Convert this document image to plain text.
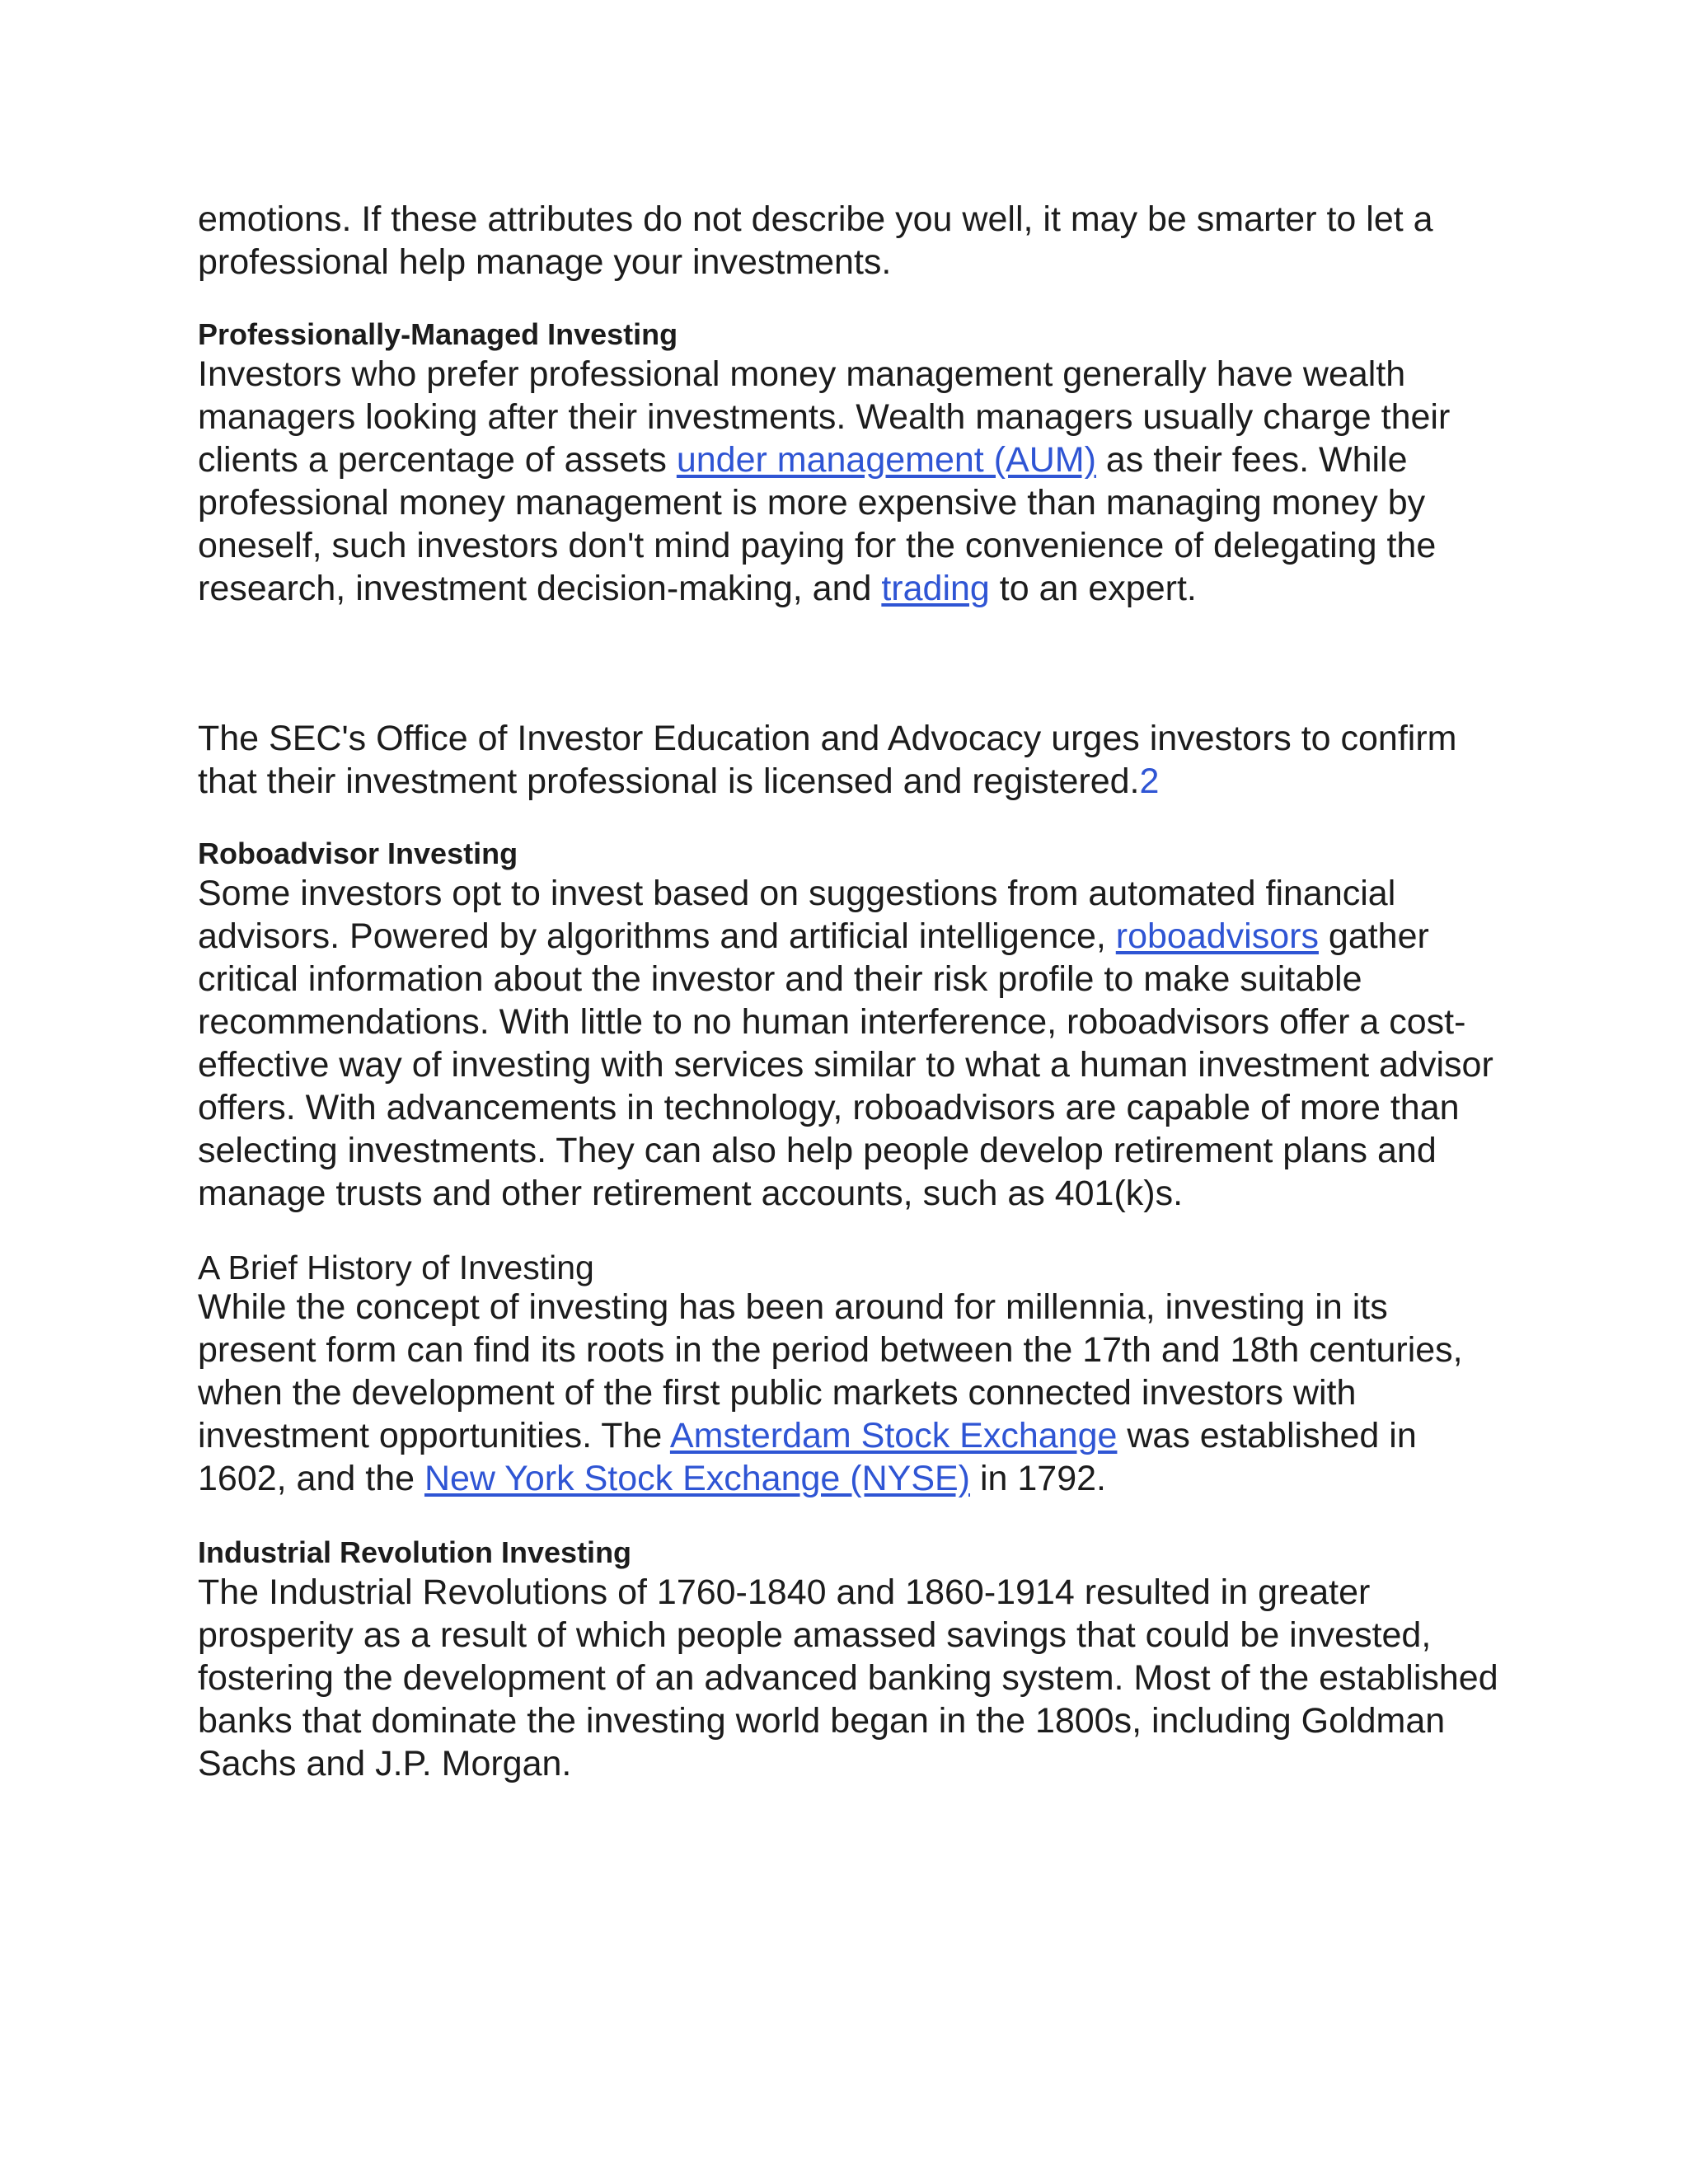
emotions. If these attributes do not describe you well, it may be smarter to let a professional help manage your investments.

Professionally-Managed Investing

Investors who prefer professional money management generally have wealth managers looking after their investments. Wealth managers usually charge their clients a percentage of assets under management (AUM) as their fees. While professional money management is more expensive than managing money by oneself, such investors don't mind paying for the convenience of delegating the research, investment decision-making, and trading to an expert.

The SEC's Office of Investor Education and Advocacy urges investors to confirm that their investment professional is licensed and registered.2

Roboadvisor Investing

Some investors opt to invest based on suggestions from automated financial advisors. Powered by algorithms and artificial intelligence, roboadvisors gather critical information about the investor and their risk profile to make suitable recommendations. With little to no human interference, roboadvisors offer a cost-effective way of investing with services similar to what a human investment advisor offers. With advancements in technology, roboadvisors are capable of more than selecting investments. They can also help people develop retirement plans and manage trusts and other retirement accounts, such as 401(k)s.

A Brief History of Investing

While the concept of investing has been around for millennia, investing in its present form can find its roots in the period between the 17th and 18th centuries, when the development of the first public markets connected investors with investment opportunities. The Amsterdam Stock Exchange was established in 1602, and the New York Stock Exchange (NYSE) in 1792.

Industrial Revolution Investing

The Industrial Revolutions of 1760-1840 and 1860-1914 resulted in greater prosperity as a result of which people amassed savings that could be invested, fostering the development of an advanced banking system. Most of the established banks that dominate the investing world began in the 1800s, including Goldman Sachs and J.P. Morgan.
